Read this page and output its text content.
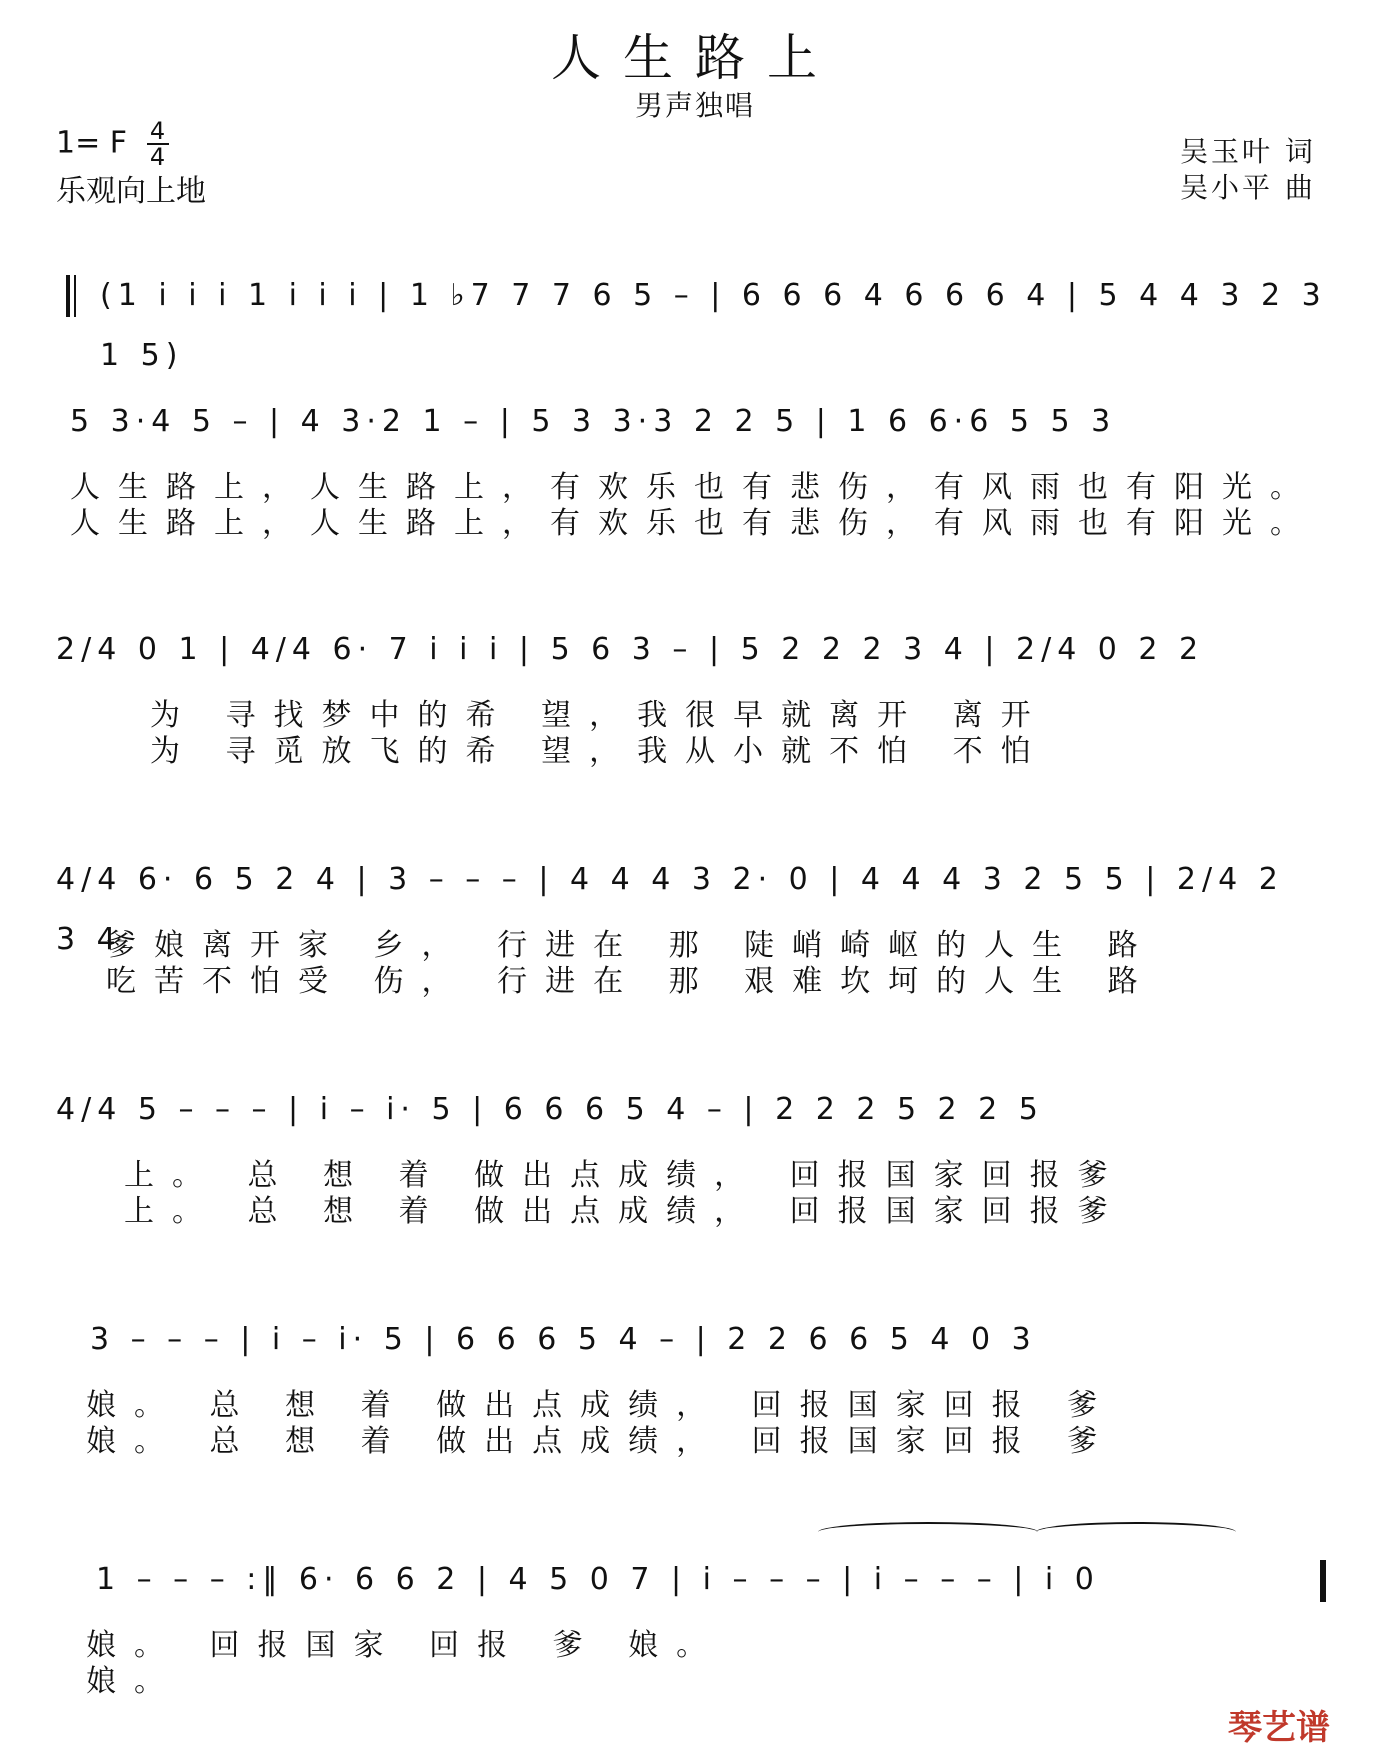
人生路上
男声独唱
1= F $\frac{4}{4}$
乐观向上地
吴玉叶 词
吴小平 曲
(1 i i i 1 i i i | 1 ♭7 7 7 6 5 – | 6 6 6 4 6 6 6 4 | 5 4 4 3 2 3 1 5)
5 3·4 5 – | 4 3·2 1 – | 5 3 3·3 2 2 5 | 1 6 6·6 5 5 3
人生路上，人生路上，有欢乐也有悲伤，有风雨也有阳光。
人生路上，人生路上，有欢乐也有悲伤，有风雨也有阳光。
2/4 0 1 | 4/4 6· 7 i i i | 5 6 3 – | 5 2 2 2 3 4 | 2/4 0 2 2
为 寻找梦中的希 望，我很早就离开 离开
为 寻觅放飞的希 望，我从小就不怕 不怕
4/4 6· 6 5 2 4 | 3 – – – | 4 4 4 3 2· 0 | 4 4 4 3 2 5 5 | 2/4 2 3 4
爹娘离开家 乡， 行进在 那 陡峭崎岖的人生 路
吃苦不怕受 伤， 行进在 那 艰难坎坷的人生 路
4/4 5 – – – | i – i· 5 | 6 6 6 5 4 – | 2 2 2 5 2 2 5
上。 总 想 着 做出点成绩， 回报国家回报爹
上。 总 想 着 做出点成绩， 回报国家回报爹
3 – – – | i – i· 5 | 6 6 6 5 4 – | 2 2 6 6 5 4 0 3
娘。 总 想 着 做出点成绩， 回报国家回报 爹
娘。 总 想 着 做出点成绩， 回报国家回报 爹
1 – – – :‖ 6· 6 6 2 | 4 5 0 7 | i – – – | i – – – | i 0
娘。 回报国家 回报 爹 娘。
娘。
琴艺谱
